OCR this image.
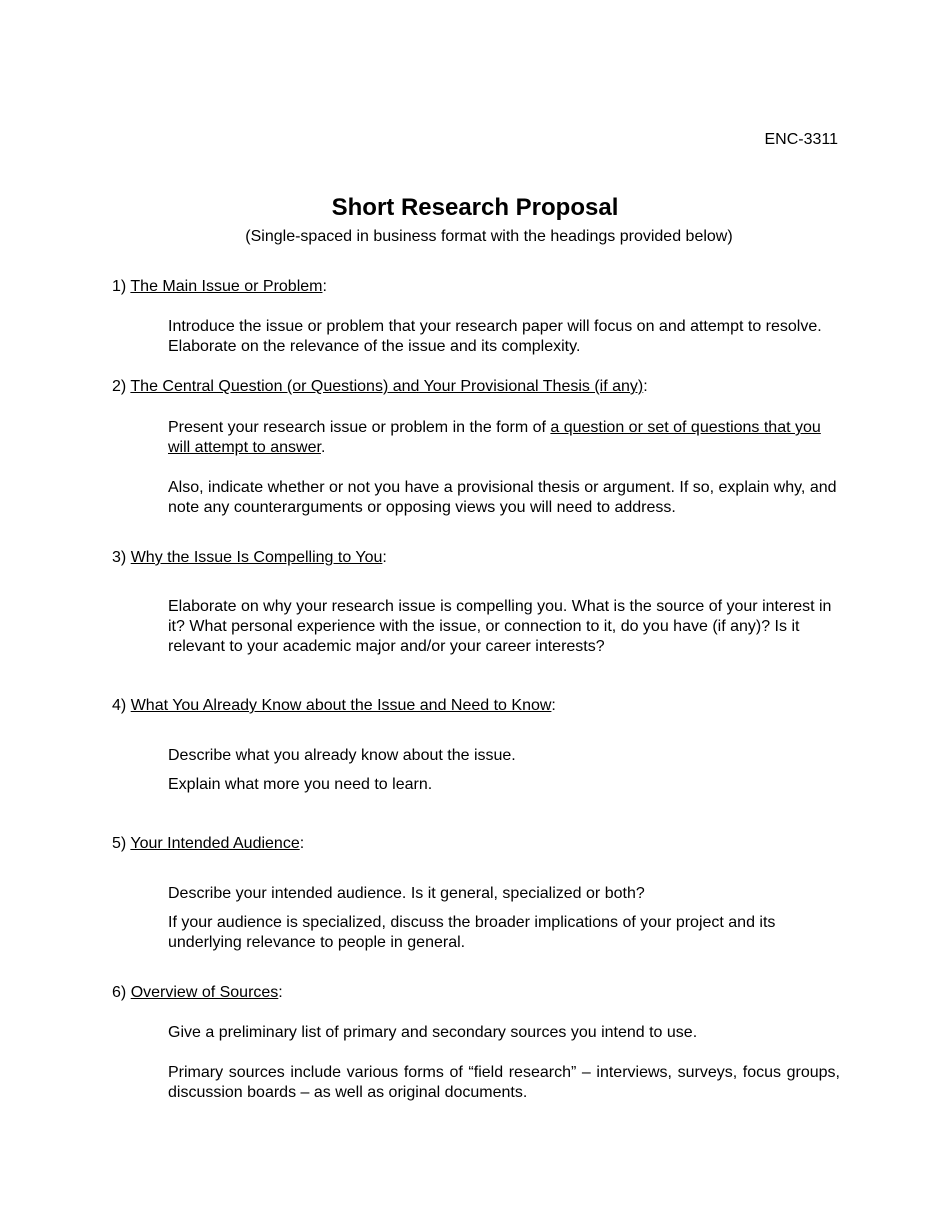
ENC-3311
Short Research Proposal
(Single-spaced in business format with the headings provided below)
1) The Main Issue or Problem:
Introduce the issue or problem that your research paper will focus on and attempt to resolve. Elaborate on the relevance of the issue and its complexity.
2) The Central Question (or Questions) and Your Provisional Thesis (if any):
Present your research issue or problem in the form of a question or set of questions that you will attempt to answer.
Also, indicate whether or not you have a provisional thesis or argument. If so, explain why, and note any counterarguments or opposing views you will need to address.
3) Why the Issue Is Compelling to You:
Elaborate on why your research issue is compelling you. What is the source of your interest in it? What personal experience with the issue, or connection to it, do you have (if any)? Is it relevant to your academic major and/or your career interests?
4) What You Already Know about the Issue and Need to Know:
Describe what you already know about the issue.
Explain what more you need to learn.
5) Your Intended Audience:
Describe your intended audience. Is it general, specialized or both?
If your audience is specialized, discuss the broader implications of your project and its underlying relevance to people in general.
6) Overview of Sources:
Give a preliminary list of primary and secondary sources you intend to use.
Primary sources include various forms of “field research” – interviews, surveys, focus groups, discussion boards – as well as original documents.
